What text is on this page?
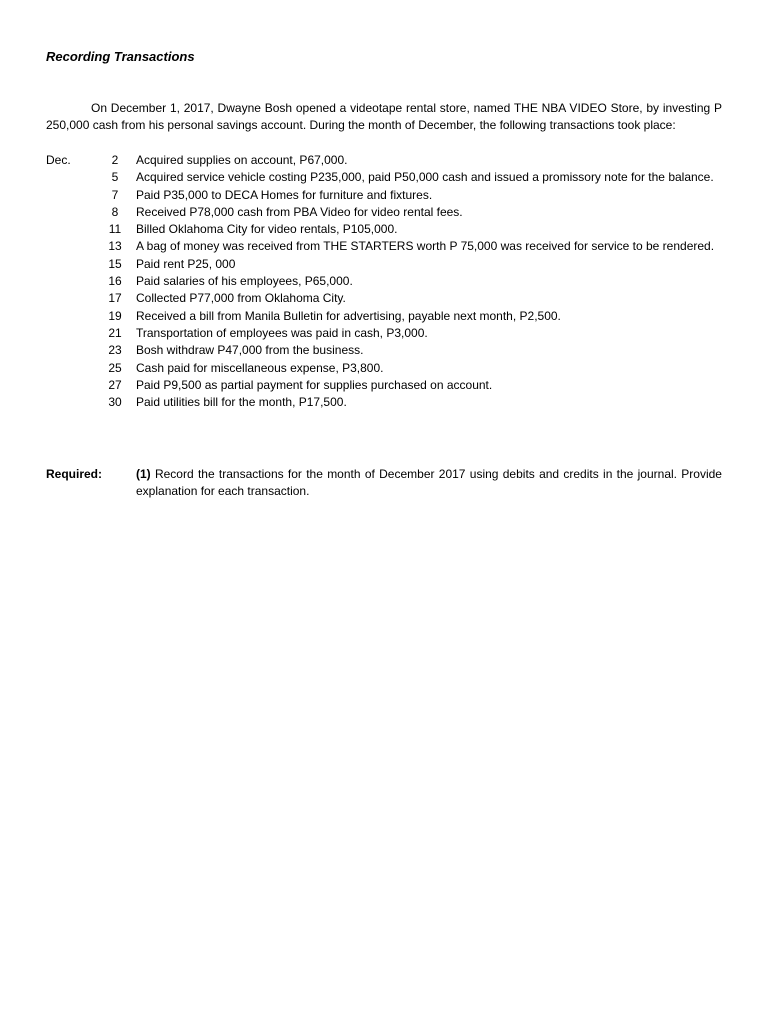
Recording Transactions
On December 1, 2017, Dwayne Bosh opened a videotape rental store, named THE NBA VIDEO Store, by investing P 250,000 cash from his personal savings account. During the month of December, the following transactions took place:
Dec.	2	Acquired supplies on account, P67,000.
5	Acquired service vehicle costing P235,000, paid P50,000 cash and issued a promissory note for the balance.
7	Paid P35,000 to DECA Homes for furniture and fixtures.
8	Received P78,000 cash from PBA Video for video rental fees.
11	Billed Oklahoma City for video rentals, P105,000.
13	A bag of money was received from THE STARTERS worth P 75,000 was received for service to be rendered.
15	Paid rent P25, 000
16	Paid salaries of his employees, P65,000.
17	Collected P77,000 from Oklahoma City.
19	Received a bill from Manila Bulletin for advertising, payable next month, P2,500.
21	Transportation of employees was paid in cash, P3,000.
23	Bosh withdraw P47,000 from the business.
25	Cash paid for miscellaneous expense, P3,800.
27	Paid P9,500 as partial payment for supplies purchased on account.
30	Paid utilities bill for the month, P17,500.
Required:	(1) Record the transactions for the month of December 2017 using debits and credits in the journal. Provide explanation for each transaction.
